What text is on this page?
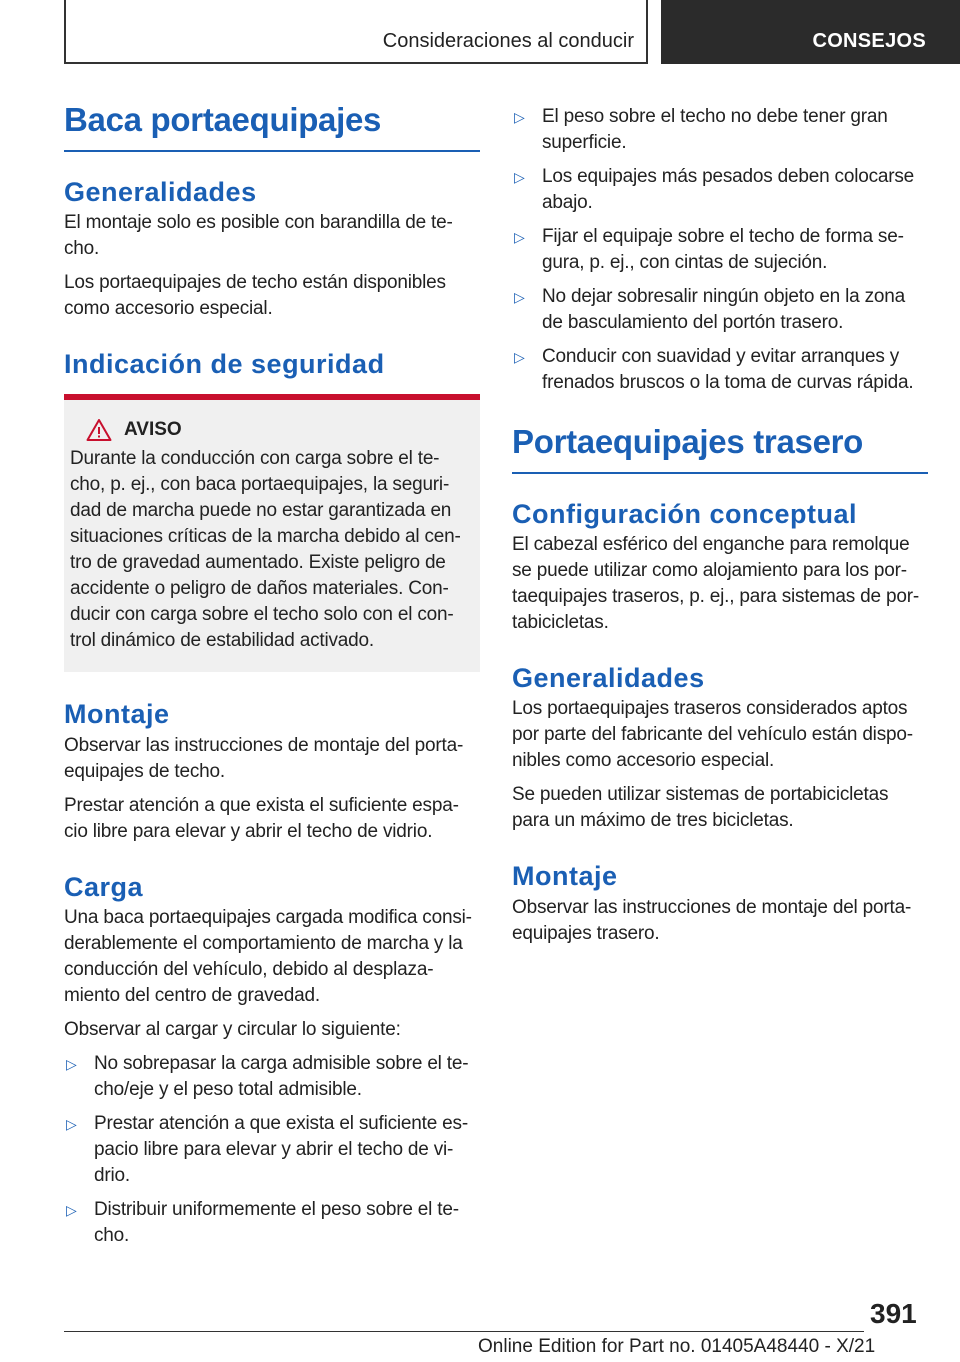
Consideraciones al conducir	CONSEJOS
Baca portaequipajes
Generalidades

El montaje solo es posible con barandilla de te‐cho.

Los portaequipajes de techo están disponibles como accesorio especial.

Indicación de seguridad
AVISO

Durante la conducción con carga sobre el te‐cho, p. ej., con baca portaequipajes, la seguri‐dad de marcha puede no estar garantizada en situaciones críticas de la marcha debido al cen‐tro de gravedad aumentado. Existe peligro de accidente o peligro de daños materiales. Con‐ducir con carga sobre el techo solo con el con‐trol dinámico de estabilidad activado.

Montaje

Observar las instrucciones de montaje del porta‐equipajes de techo.

Prestar atención a que exista el suficiente espa‐cio libre para elevar y abrir el techo de vidrio.

Carga

Una baca portaequipajes cargada modifica consi‐derablemente el comportamiento de marcha y la conducción del vehículo, debido al desplaza‐miento del centro de gravedad.

Observar al cargar y circular lo siguiente:

▷ No sobrepasar la carga admisible sobre el te‐cho/eje y el peso total admisible.
▷ Prestar atención a que exista el suficiente es‐pacio libre para elevar y abrir el techo de vi‐drio.
▷ Distribuir uniformemente el peso sobre el te‐cho.
▷ El peso sobre el techo no debe tener gran superficie.
▷ Los equipajes más pesados deben colocarse abajo.
▷ Fijar el equipaje sobre el techo de forma se‐gura, p. ej., con cintas de sujeción.
▷ No dejar sobresalir ningún objeto en la zona de basculamiento del portón trasero.
▷ Conducir con suavidad y evitar arranques y frenados bruscos o la toma de curvas rápida.
Portaequipajes trasero
Configuración conceptual

El cabezal esférico del enganche para remolque se puede utilizar como alojamiento para los por‐taequipajes traseros, p. ej., para sistemas de por‐tabicicletas.

Generalidades

Los portaequipajes traseros considerados aptos por parte del fabricante del vehículo están dispo‐nibles como accesorio especial.

Se pueden utilizar sistemas de portabicicletas para un máximo de tres bicicletas.

Montaje

Observar las instrucciones de montaje del porta‐equipajes trasero.

391
Online Edition for Part no. 01405A48440 - X/21
